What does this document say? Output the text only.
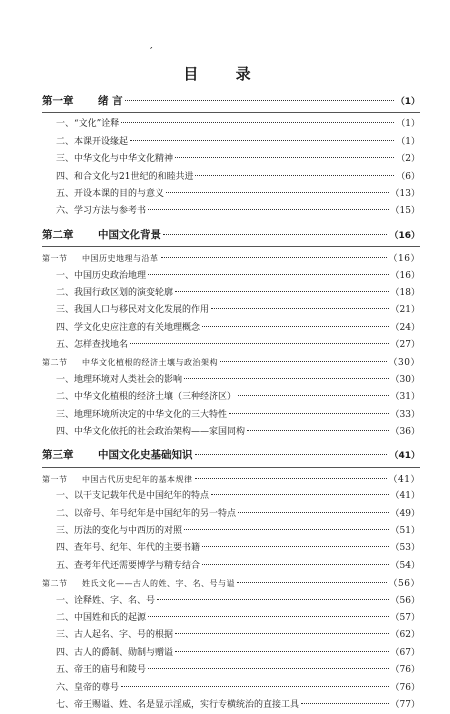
′
目 录
第一章 绪 言	（1）
一、“文化”诠释	（1）
二、本课开设缘起	（1）
三、中华文化与中华文化精神	（2）
四、和合文化与21世纪的和睦共进	（6）
五、开设本课的目的与意义	（13）
六、学习方法与参考书	（15）
第二章 中国文化背景	（16）
第一节 中国历史地理与沿革	（16）
一、中国历史政治地理	（16）
二、我国行政区划的演变轮廓	（18）
三、我国人口与移民对文化发展的作用	（21）
四、学文化史应注意的有关地理概念	（24）
五、怎样查找地名	（27）
第二节 中华文化植根的经济土壤与政治架构	（30）
一、地理环境对人类社会的影响	（30）
二、中华文化植根的经济土壤（三种经济区）	（31）
三、地理环境所决定的中华文化的三大特性	（33）
四、中华文化依托的社会政治架构——家国同构	（36）
第三章 中国文化史基础知识	（41）
第一节 中国古代历史纪年的基本规律	（41）
一、以干支记载年代是中国纪年的特点	（41）
二、以帝号、年号纪年是中国纪年的另一特点	（49）
三、历法的变化与中西历的对照	（51）
四、查年号、纪年、年代的主要书籍	（53）
五、查考年代还需要博学与精专结合	（54）
第二节 姓氏文化——古人的姓、字、名、号与谥	（56）
一、诠释姓、字、名、号	（56）
二、中国姓和氏的起源	（57）
三、古人起名、字、号的根据	（62）
四、古人的爵制、勋制与赠谥	（67）
五、帝王的庙号和陵号	（76）
六、皇帝的尊号	（76）
七、帝王赐谥、姓、名是显示淫威，实行专横统治的直接工具	（77）
